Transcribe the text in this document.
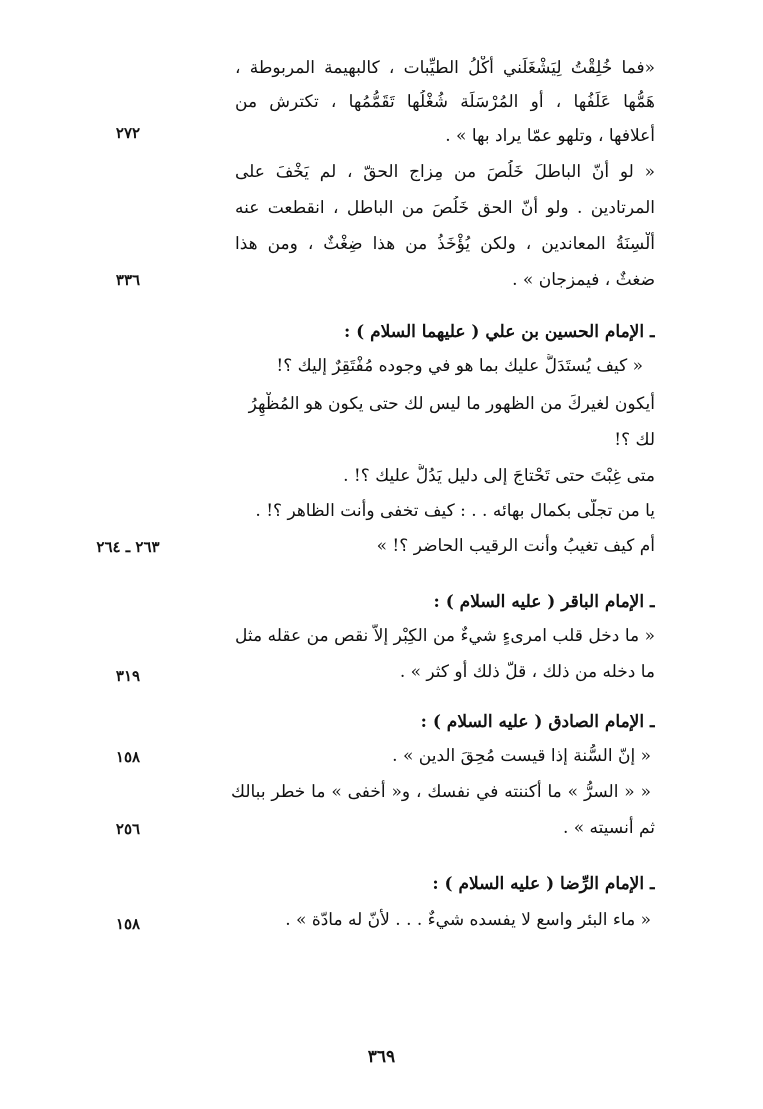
«فما خُلِقْتُ لِيَشْغَلَني أَكْلُ الطيِّبات ، كالبهيمة المربوطة ،
هَمُّها عَلَفُها ، أو المُرْسَلَة شُغْلُها تَقَمُّمُها ، تكترش من
أعلافها ، وتلهو عمّا يراد بها » .
٢٧٢
« لو أنّ الباطلَ خَلُصَ من مِزاج الحقّ ، لم يَخْفَ على
المرتادين . ولو أنّ الحق خَلُصَ من الباطل ، انقطعت عنه
أَلْسِنَةُ المعاندين ، ولكن يُؤْخَذُ من هذا ضِغْثٌ ، ومن هذا
ضغثٌ ، فيمزجان » .
٣٣٦
ـ الإمام الحسين بن علي ( عليهما السلام ) :
« كيف يُستَدَلُّ عليك بما هو في وجوده مُفْتَقِرٌ إليك ؟!
أيكون لغيركَ من الظهور ما ليس لك حتى يكون هو المُظْهِرُ
لك ؟!
متى غِبْتَ حتى تَحْتاجَ إلى دليل يَدُلُّ عليك ؟! .
يا من تجلّى بكمال بهائه . . : كيف تخفى وأنت الظاهر ؟! .
أم كيف تغيبُ وأنت الرقيب الحاضر ؟! »
٢٦٣ ـ ٢٦٤
ـ الإمام الباقر ( عليه السلام ) :
« ما دخل قلب امرىءٍ شيءٌ من الكِبْر إلاّ نقص من عقله مثل
ما دخله من ذلك ، قلّ ذلك أو كثر » .
٣١٩
ـ الإمام الصادق ( عليه السلام ) :
« إنّ السُّنة إذا قيست مُحِقَ الدين » .
١٥٨
« « السرُّ » ما أكننته في نفسك ، و« أخفى » ما خطر ببالك
ثم أنسيته » .
٢٥٦
ـ الإمام الرِّضا ( عليه السلام ) :
« ماء البئر واسع لا يفسده شيءٌ . . . لأنّ له مادّة » .
١٥٨
٣٦٩
